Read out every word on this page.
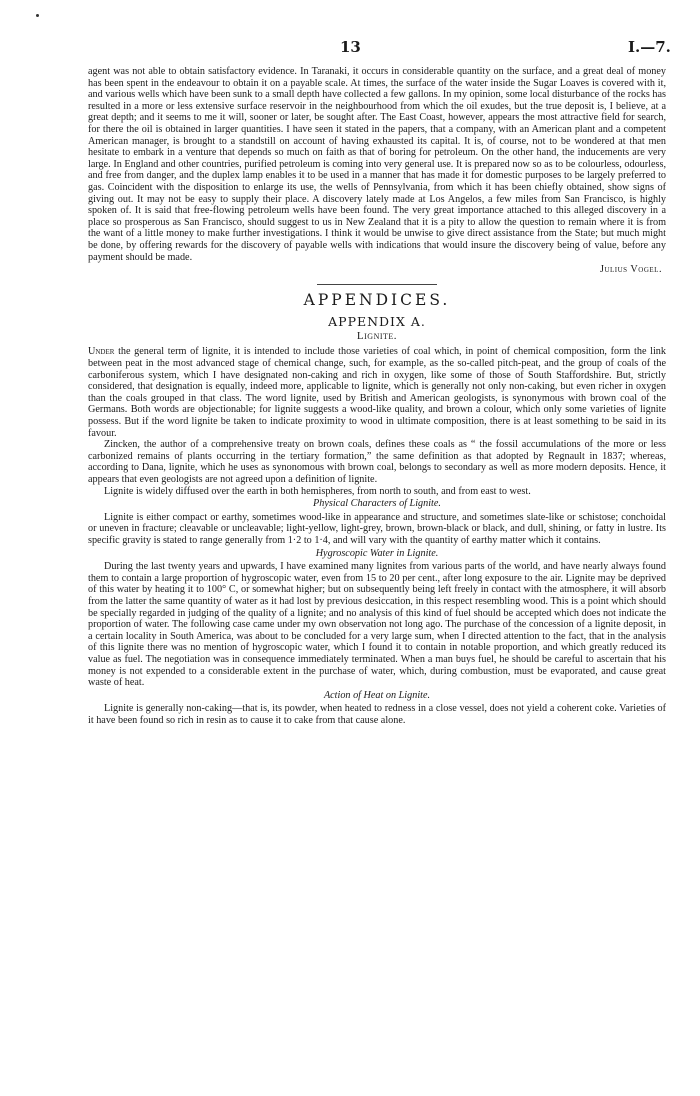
13	I.—7.

agent was not able to obtain satisfactory evidence. In Taranaki, it occurs in considerable quantity on the surface, and a great deal of money has been spent in the endeavour to obtain it on a payable scale. At times, the surface of the water inside the Sugar Loaves is covered with it, and various wells which have been sunk to a small depth have collected a few gallons. In my opinion, some local disturbance of the rocks has resulted in a more or less extensive surface reservoir in the neighbourhood from which the oil exudes, but the true deposit is, I believe, at a great depth; and it seems to me it will, sooner or later, be sought after. The East Coast, however, appears the most attractive field for search, for there the oil is obtained in larger quantities. I have seen it stated in the papers, that a company, with an American plant and a competent American manager, is brought to a standstill on account of having exhausted its capital. It is, of course, not to be wondered at that men hesitate to embark in a venture that depends so much on faith as that of boring for petroleum. On the other hand, the inducements are very large. In England and other countries, purified petroleum is coming into very general use. It is prepared now so as to be colourless, odourless, and free from danger, and the duplex lamp enables it to be used in a manner that has made it for domestic purposes to be largely preferred to gas. Coincident with the disposition to enlarge its use, the wells of Pennsylvania, from which it has been chiefly obtained, show signs of giving out. It may not be easy to supply their place. A discovery lately made at Los Angelos, a few miles from San Francisco, is highly spoken of. It is said that free-flowing petroleum wells have been found. The very great importance attached to this alleged discovery in a place so prosperous as San Francisco, should suggest to us in New Zealand that it is a pity to allow the question to remain where it is from the want of a little money to make further investigations. I think it would be unwise to give direct assistance from the State; but much might be done, by offering rewards for the discovery of payable wells with indications that would insure the discovery being of value, before any payment should be made.

Julius Vogel.
APPENDICES.
APPENDIX A.
Lignite.

Under the general term of lignite, it is intended to include those varieties of coal which, in point of chemical composition, form the link between peat in the most advanced stage of chemical change, such, for example, as the so-called pitch-peat, and the group of coals of the carboniferous system, which I have designated non-caking and rich in oxygen, like some of those of South Staffordshire. But, strictly considered, that designation is equally, indeed more, applicable to lignite, which is generally not only non-caking, but even richer in oxygen than the coals grouped in that class. The word lignite, used by British and American geologists, is synonymous with brown coal of the Germans. Both words are objectionable; for lignite suggests a wood-like quality, and brown a colour, which only some varieties of lignite possess. But if the word lignite be taken to indicate proximity to wood in ultimate composition, there is at least something to be said in its favour.

Zincken, the author of a comprehensive treaty on brown coals, defines these coals as “ the fossil accumulations of the more or less carbonized remains of plants occurring in the tertiary formation,” the same definition as that adopted by Regnault in 1837; whereas, according to Dana, lignite, which he uses as synonomous with brown coal, belongs to secondary as well as more modern deposits. Hence, it appears that even geologists are not agreed upon a definition of lignite.

Lignite is widely diffused over the earth in both hemispheres, from north to south, and from east to west.

Physical Characters of Lignite.

Lignite is either compact or earthy, sometimes wood-like in appearance and structure, and sometimes slate-like or schistose; conchoidal or uneven in fracture; cleavable or uncleavable; light-yellow, light-grey, brown, brown-black or black, and dull, shining, or fatty in lustre. Its specific gravity is stated to range generally from 1·2 to 1·4, and will vary with the quantity of earthy matter which it contains.

Hygroscopic Water in Lignite.

During the last twenty years and upwards, I have examined many lignites from various parts of the world, and have nearly always found them to contain a large proportion of hygroscopic water, even from 15 to 20 per cent., after long exposure to the air. Lignite may be deprived of this water by heating it to 100° C, or somewhat higher; but on subsequently being left freely in contact with the atmosphere, it will absorb from the latter the same quantity of water as it had lost by previous desiccation, in this respect resembling wood. This is a point which should be specially regarded in judging of the quality of a lignite; and no analysis of this kind of fuel should be accepted which does not indicate the proportion of water. The following case came under my own observation not long ago. The purchase of the concession of a lignite deposit, in a certain locality in South America, was about to be concluded for a very large sum, when I directed attention to the fact, that in the analysis of this lignite there was no mention of hygroscopic water, which I found it to contain in notable proportion, and which greatly reduced its value as fuel. The negotiation was in consequence immediately terminated. When a man buys fuel, he should be careful to ascertain that his money is not expended to a considerable extent in the purchase of water, which, during combustion, must be evaporated, and cause great waste of heat.

Action of Heat on Lignite.

Lignite is generally non-caking—that is, its powder, when heated to redness in a close vessel, does not yield a coherent coke. Varieties of it have been found so rich in resin as to cause it to cake from that cause alone.
